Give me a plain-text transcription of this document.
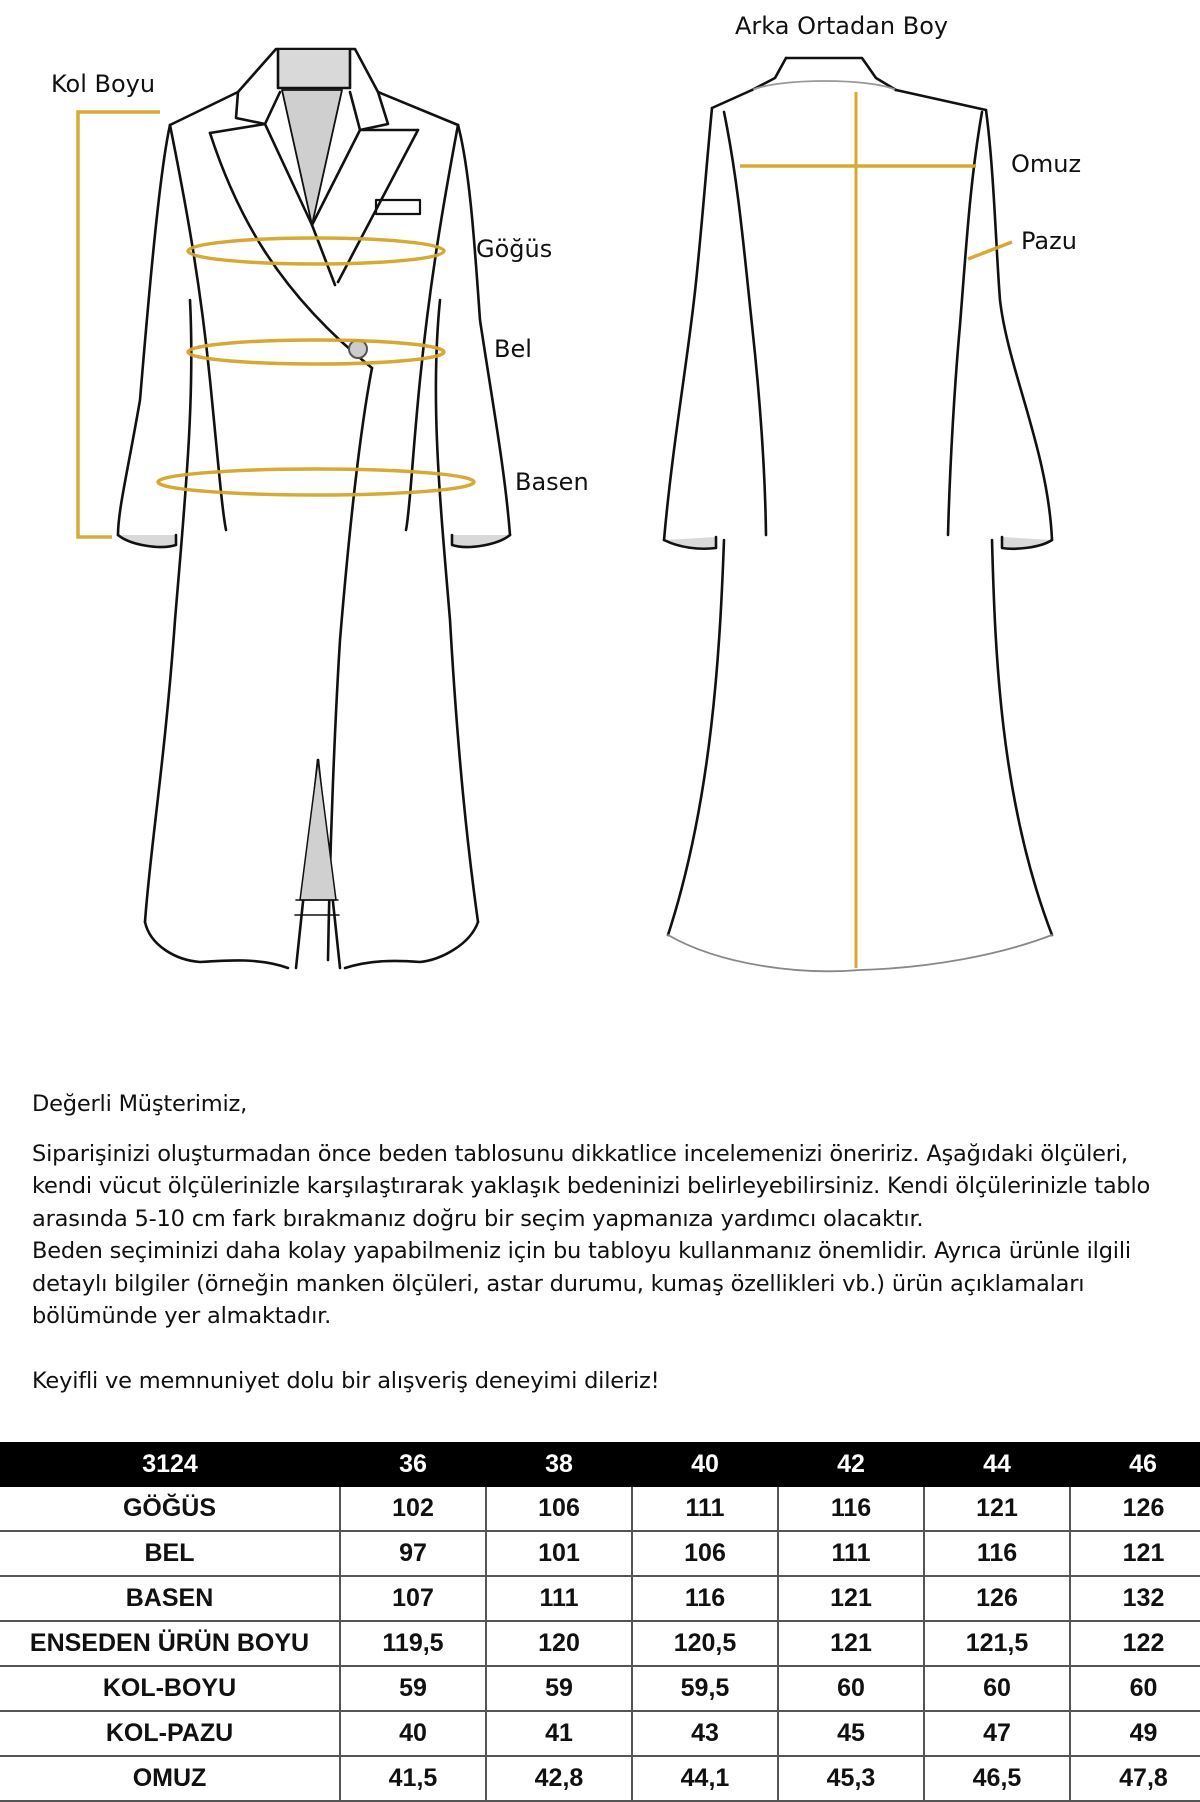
Kol Boyu
Göğüs
Bel
Basen
Arka Ortadan Boy
Omuz
Pazu

Değerli Müşterimiz,

Siparişinizi oluşturmadan önce beden tablosunu dikkatlice incelemenizi öneririz. Aşağıdaki ölçüleri, kendi vücut ölçülerinizle karşılaştırarak yaklaşık bedeninizi belirleyebilirsiniz. Kendi ölçülerinizle tablo arasında 5-10 cm fark bırakmanız doğru bir seçim yapmanıza yardımcı olacaktır.

Beden seçiminizi daha kolay yapabilmeniz için bu tabloyu kullanmanız önemlidir. Ayrıca ürünle ilgili detaylı bilgiler (örneğin manken ölçüleri, astar durumu, kumaş özellikleri vb.) ürün açıklamaları bölümünde yer almaktadır.

Keyifli ve memnuniyet dolu bir alışveriş deneyimi dileriz!

3124	36	38	40	42	44	46
GÖĞÜS	102	106	111	116	121	126
BEL	97	101	106	111	116	121
BASEN	107	111	116	121	126	132
ENSEDEN ÜRÜN BOYU	119,5	120	120,5	121	121,5	122
KOL-BOYU	59	59	59,5	60	60	60
KOL-PAZU	40	41	43	45	47	49
OMUZ	41,5	42,8	44,1	45,3	46,5	47,8
